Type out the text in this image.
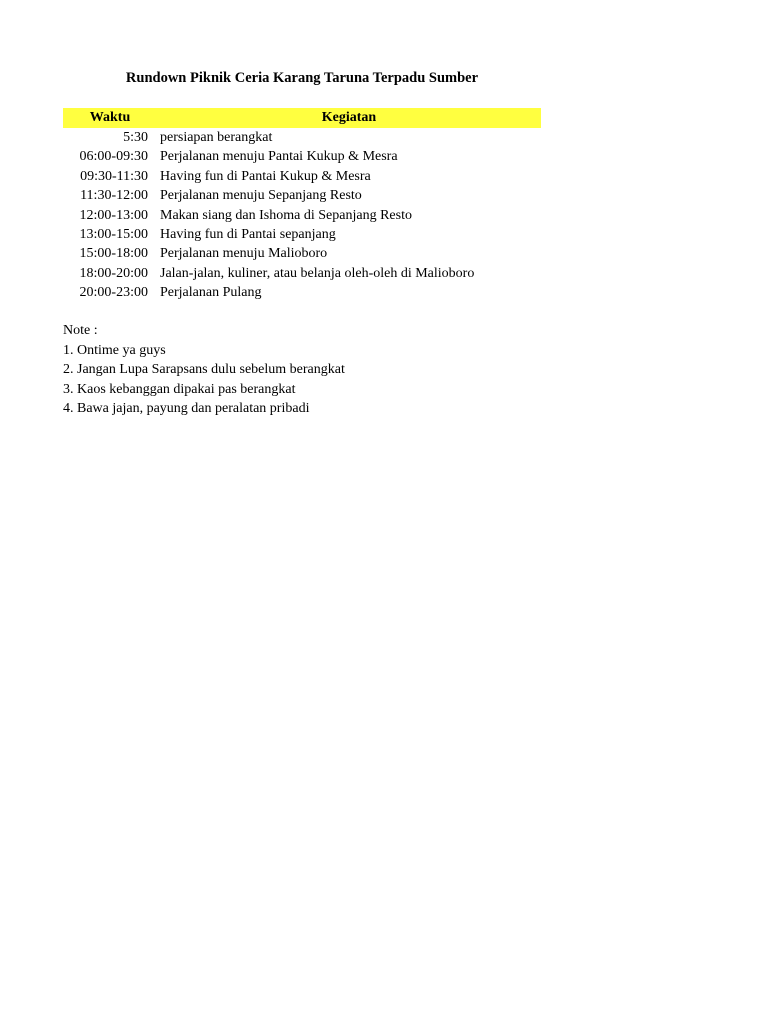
Rundown Piknik Ceria Karang Taruna Terpadu Sumber
Waktu	Kegiatan
5:30 persiapan berangkat
06:00-09:30 Perjalanan menuju Pantai Kukup & Mesra
09:30-11:30 Having fun di Pantai Kukup & Mesra
11:30-12:00 Perjalanan menuju Sepanjang Resto
12:00-13:00 Makan siang dan Ishoma di Sepanjang Resto
13:00-15:00 Having fun di Pantai sepanjang
15:00-18:00 Perjalanan menuju Malioboro
18:00-20:00 Jalan-jalan, kuliner, atau belanja oleh-oleh di Malioboro
20:00-23:00 Perjalanan Pulang
Note :
1. Ontime ya guys
2. Jangan Lupa Sarapsans dulu sebelum berangkat
3. Kaos kebanggan dipakai pas berangkat
4. Bawa jajan, payung dan peralatan pribadi
